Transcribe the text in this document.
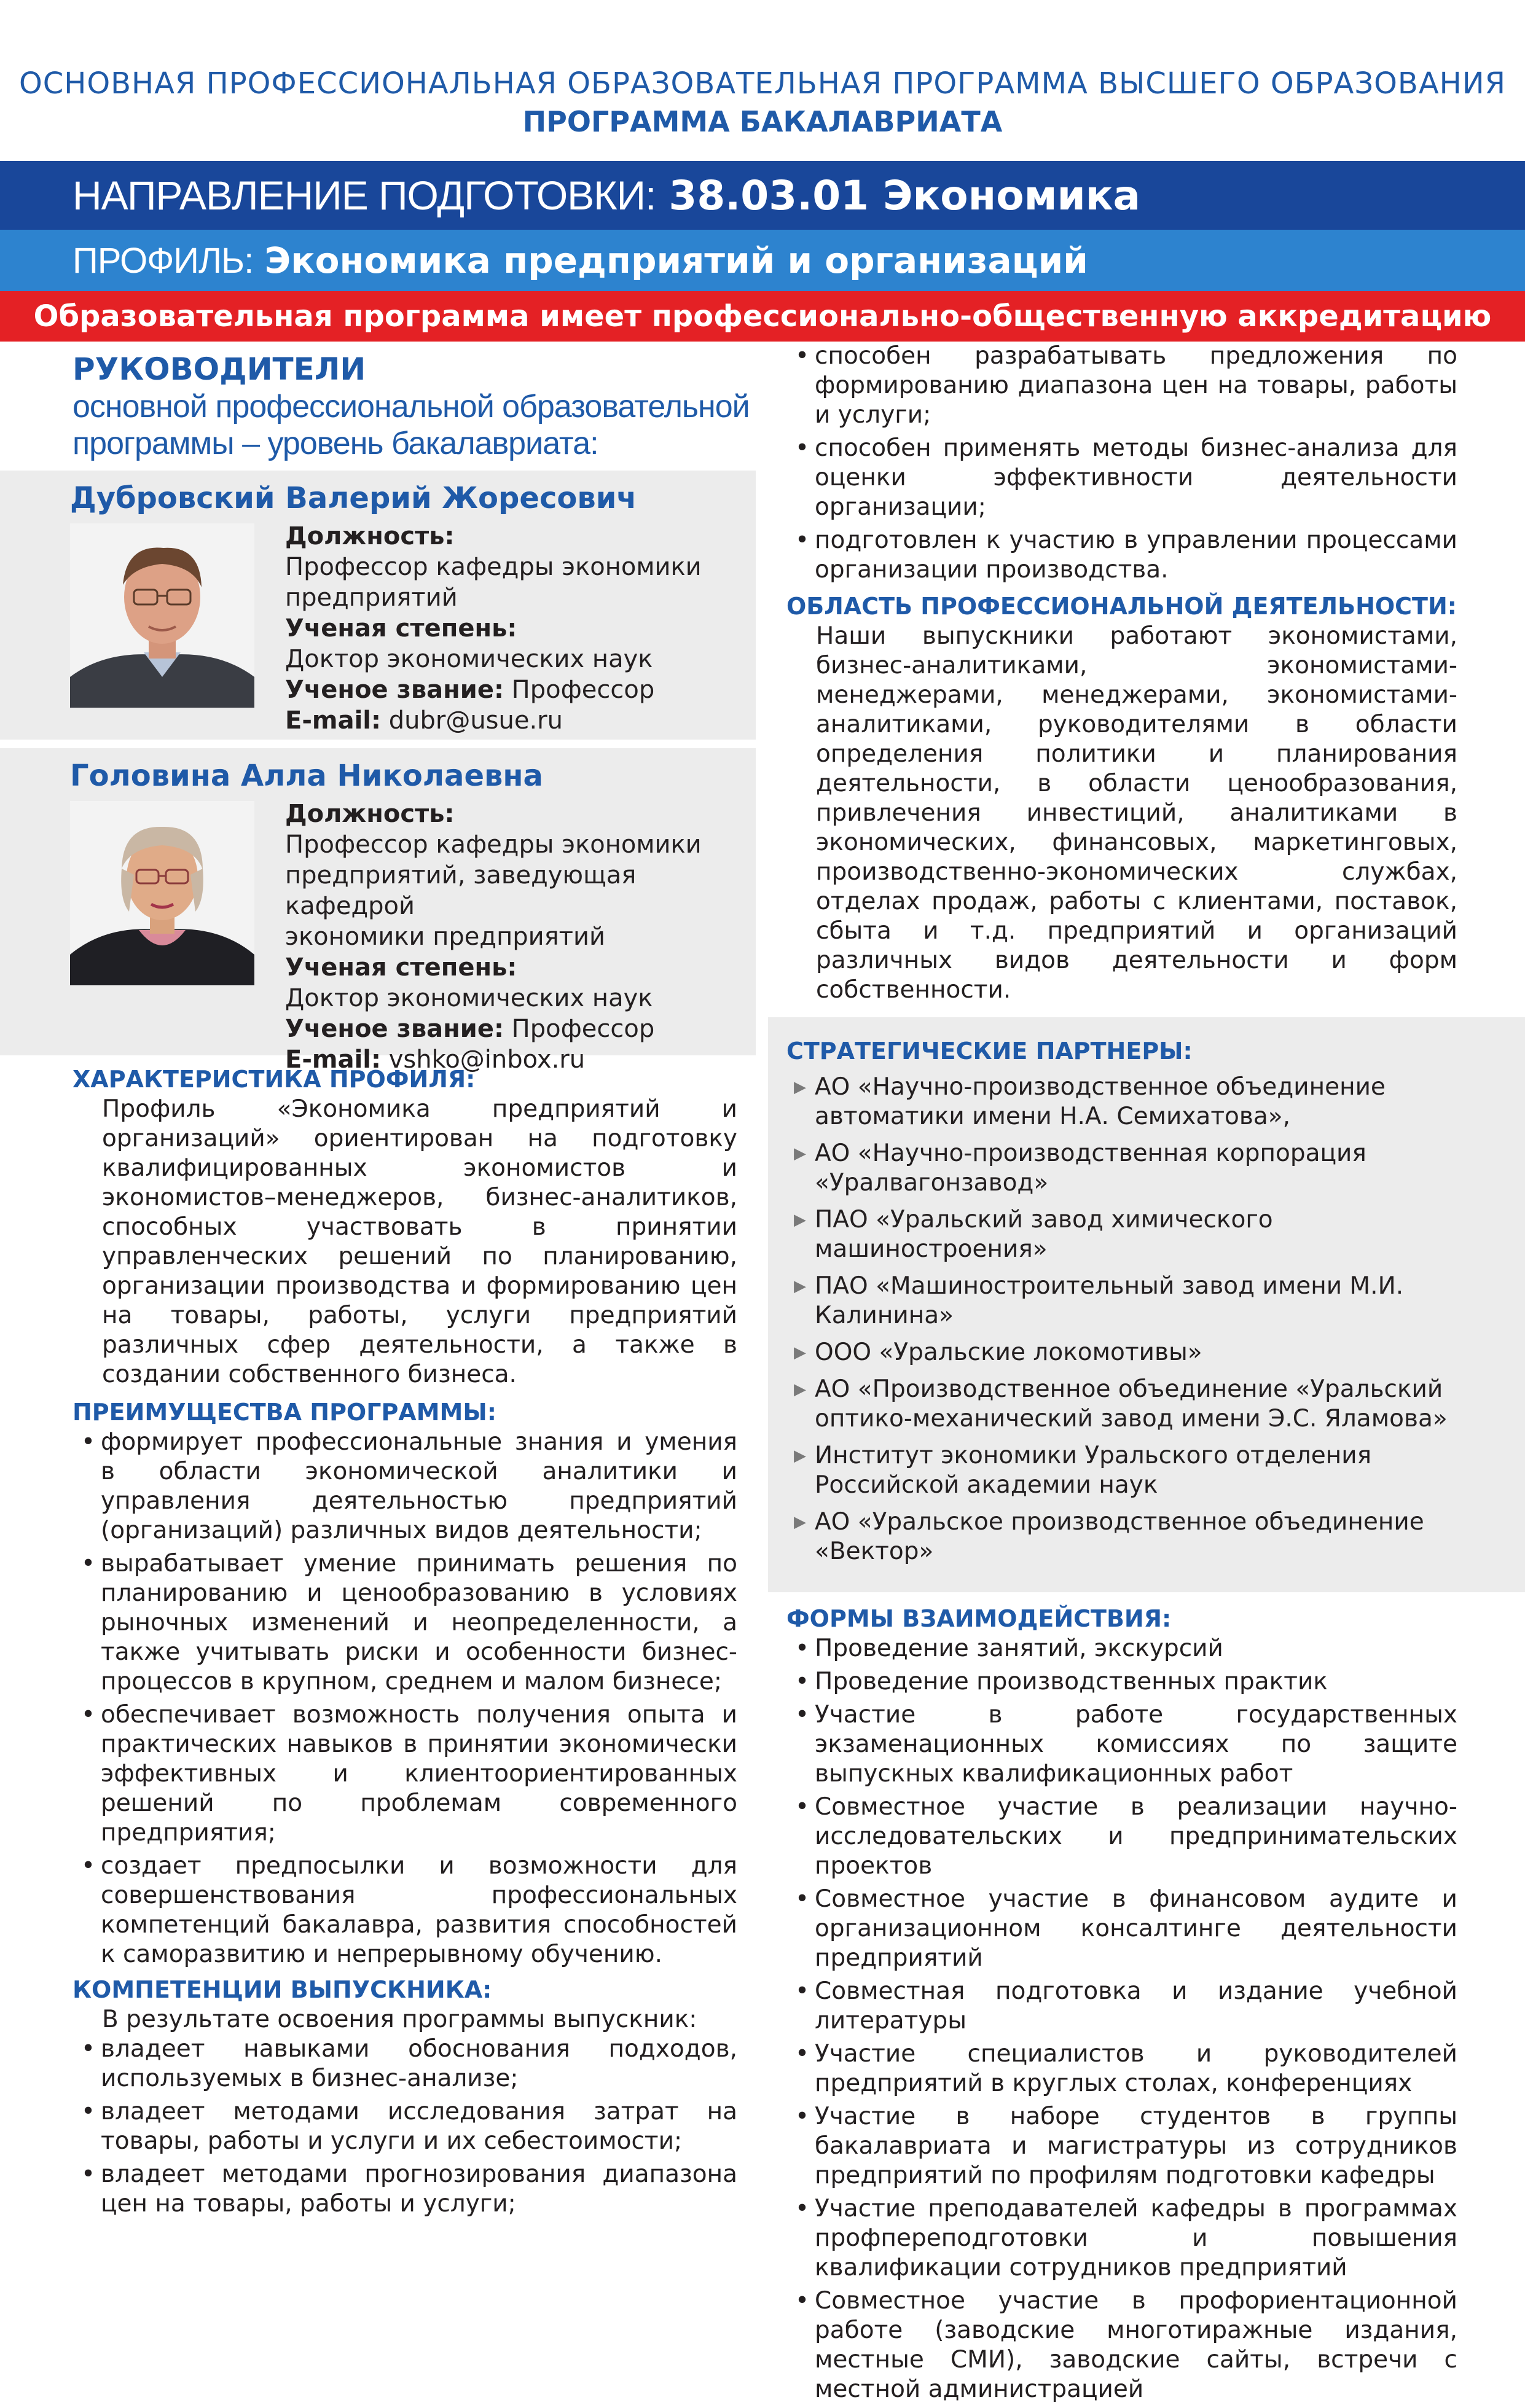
ОСНОВНАЯ ПРОФЕССИОНАЛЬНАЯ ОБРАЗОВАТЕЛЬНАЯ ПРОГРАММА ВЫСШЕГО ОБРАЗОВАНИЯ
ПРОГРАММА БАКАЛАВРИАТА
НАПРАВЛЕНИЕ ПОДГОТОВКИ: 38.03.01 Экономика
ПРОФИЛЬ: Экономика предприятий и организаций
Образовательная программа имеет профессионально-общественную аккредитацию
РУКОВОДИТЕЛИ
основной профессиональной образовательной
программы – уровень бакалавриата:
Дубровский Валерий Жоресович
Должность:
Профессор кафедры экономики
предприятий
Ученая степень:
Доктор экономических наук
Ученое звание: Профессор
E-mail: dubr@usue.ru
Головина Алла Николаевна
Должность:
Профессор кафедры экономики
предприятий, заведующая кафедрой
экономики предприятий
Ученая степень:
Доктор экономических наук
Ученое звание: Профессор
E-mail: vshko@inbox.ru
ХАРАКТЕРИСТИКА ПРОФИЛЯ:
Профиль «Экономика предприятий и организаций» ориентирован на подготовку квалифицированных экономистов и экономистов–менеджеров, бизнес-аналитиков, способных участвовать в принятии управленческих решений по планированию, организации производства и формированию цен на товары, работы, услуги предприятий различных сфер деятельности, а также в создании собственного бизнеса.
ПРЕИМУЩЕСТВА ПРОГРАММЫ:
• формирует профессиональные знания и умения в области экономической аналитики и управления деятельностью предприятий (организаций) различных видов деятельности;
• вырабатывает умение принимать решения по планированию и ценообразованию в условиях рыночных изменений и неопределенности, а также учитывать риски и особенности бизнес-процессов в крупном, среднем и малом бизнесе;
• обеспечивает возможность получения опыта и практических навыков в принятии экономически эффективных и клиентоориентированных решений по проблемам современного предприятия;
• создает предпосылки и возможности для совершенствования профессиональных компетенций бакалавра, развития способностей к саморазвитию и непрерывному обучению.
КОМПЕТЕНЦИИ ВЫПУСКНИКА:
В результате освоения программы выпускник:
• владеет навыками обоснования подходов, используемых в бизнес-анализе;
• владеет методами исследования затрат на товары, работы и услуги и их себестоимости;
• владеет методами прогнозирования диапазона цен на товары, работы и услуги;
• способен разрабатывать предложения по формированию диапазона цен на товары, работы и услуги;
• способен применять методы бизнес-анализа для оценки эффективности деятельности организации;
• подготовлен к участию в управлении процессами организации производства.
ОБЛАСТЬ ПРОФЕССИОНАЛЬНОЙ ДЕЯТЕЛЬНОСТИ:
Наши выпускники работают экономистами, бизнес-аналитиками, экономистами-менеджерами, менеджерами, экономистами-аналитиками, руководителями в области определения политики и планирования деятельности, в области ценообразования, привлечения инвестиций, аналитиками в экономических, финансовых, маркетинговых, производственно-экономических службах, отделах продаж, работы с клиентами, поставок, сбыта и т.д. предприятий и организаций различных видов деятельности и форм собственности.
СТРАТЕГИЧЕСКИЕ ПАРТНЕРЫ:
▶ АО «Научно-производственное объединение автоматики имени Н.А. Семихатова»,
▶ АО «Научно-производственная корпорация «Уралвагонзавод»
▶ ПАО «Уральский завод химического машиностроения»
▶ ПАО «Машиностроительный завод имени М.И. Калинина»
▶ ООО «Уральские локомотивы»
▶ АО «Производственное объединение «Уральский оптико-механический завод имени Э.С. Яламова»
▶ Институт экономики Уральского отделения Российской академии наук
▶ АО «Уральское производственное объединение «Вектор»
ФОРМЫ ВЗАИМОДЕЙСТВИЯ:
• Проведение занятий, экскурсий
• Проведение производственных практик
• Участие в работе государственных экзаменационных комиссиях по защите выпускных квалификационных работ
• Совместное участие в реализации научно-исследовательских и предпринимательских проектов
• Совместное участие в финансовом аудите и организационном консалтинге деятельности предприятий
• Совместная подготовка и издание учебной литературы
• Участие специалистов и руководителей предприятий в круглых столах, конференциях
• Участие в наборе студентов в группы бакалавриата и магистратуры из сотрудников предприятий по профилям подготовки кафедры
• Участие преподавателей кафедры в программах профпереподготовки и повышения квалификации сотрудников предприятий
• Совместное участие в профориентационной работе (заводские многотиражные издания, местные СМИ), заводские сайты, встречи с местной администрацией
